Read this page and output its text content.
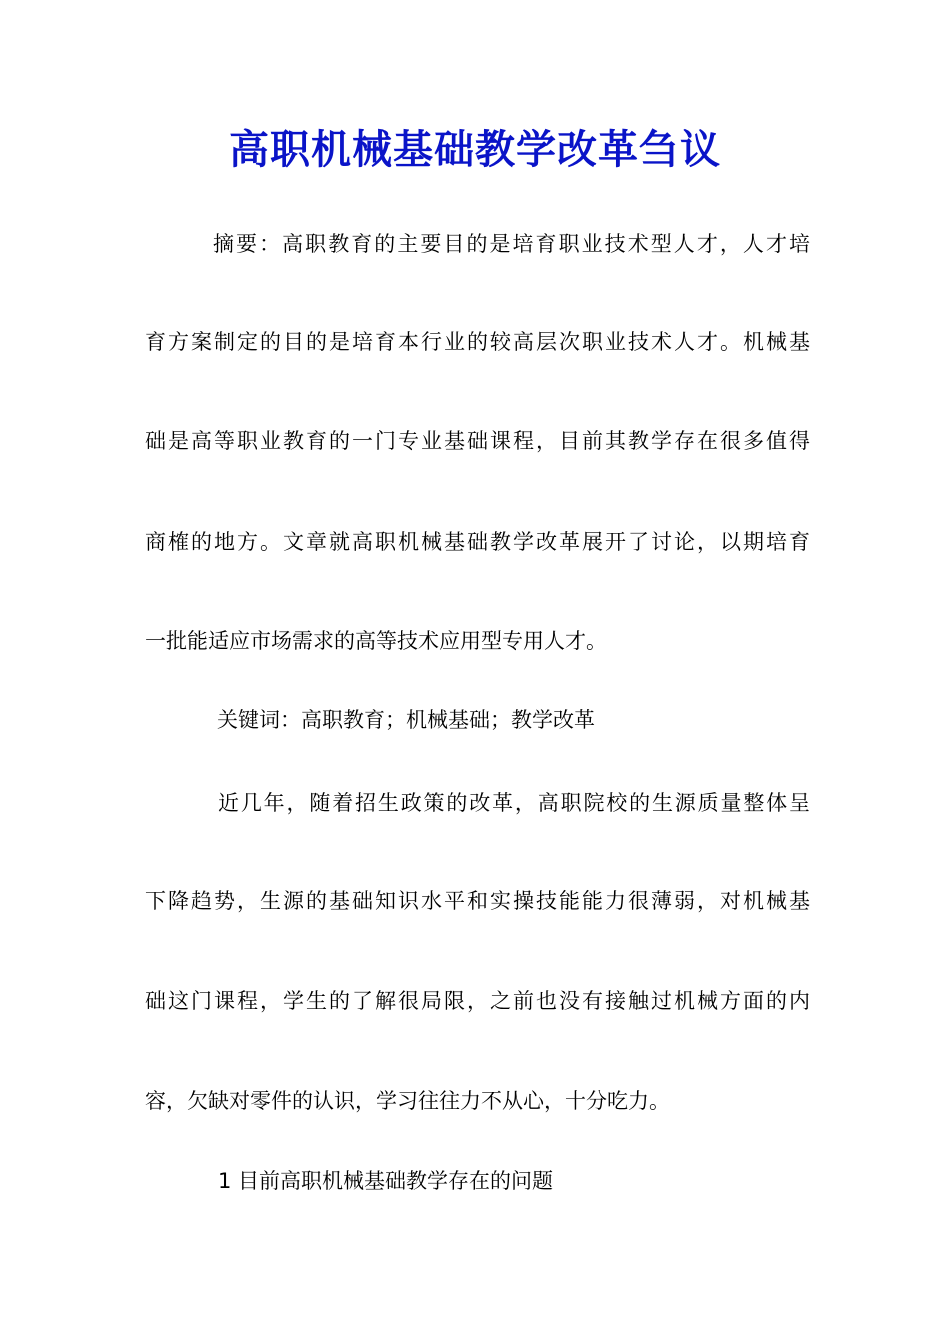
高职机械基础教学改革刍议
摘要：高职教育的主要目的是培育职业技术型人才，人才培
育方案制定的目的是培育本行业的较高层次职业技术人才。机械基
础是高等职业教育的一门专业基础课程，目前其教学存在很多值得
商榷的地方。文章就高职机械基础教学改革展开了讨论，以期培育
一批能适应市场需求的高等技术应用型专用人才。
关键词：高职教育；机械基础；教学改革
近几年，随着招生政策的改革，高职院校的生源质量整体呈
下降趋势，生源的基础知识水平和实操技能能力很薄弱，对机械基
础这门课程，学生的了解很局限，之前也没有接触过机械方面的内
容，欠缺对零件的认识，学习往往力不从心，十分吃力。
1 目前高职机械基础教学存在的问题
